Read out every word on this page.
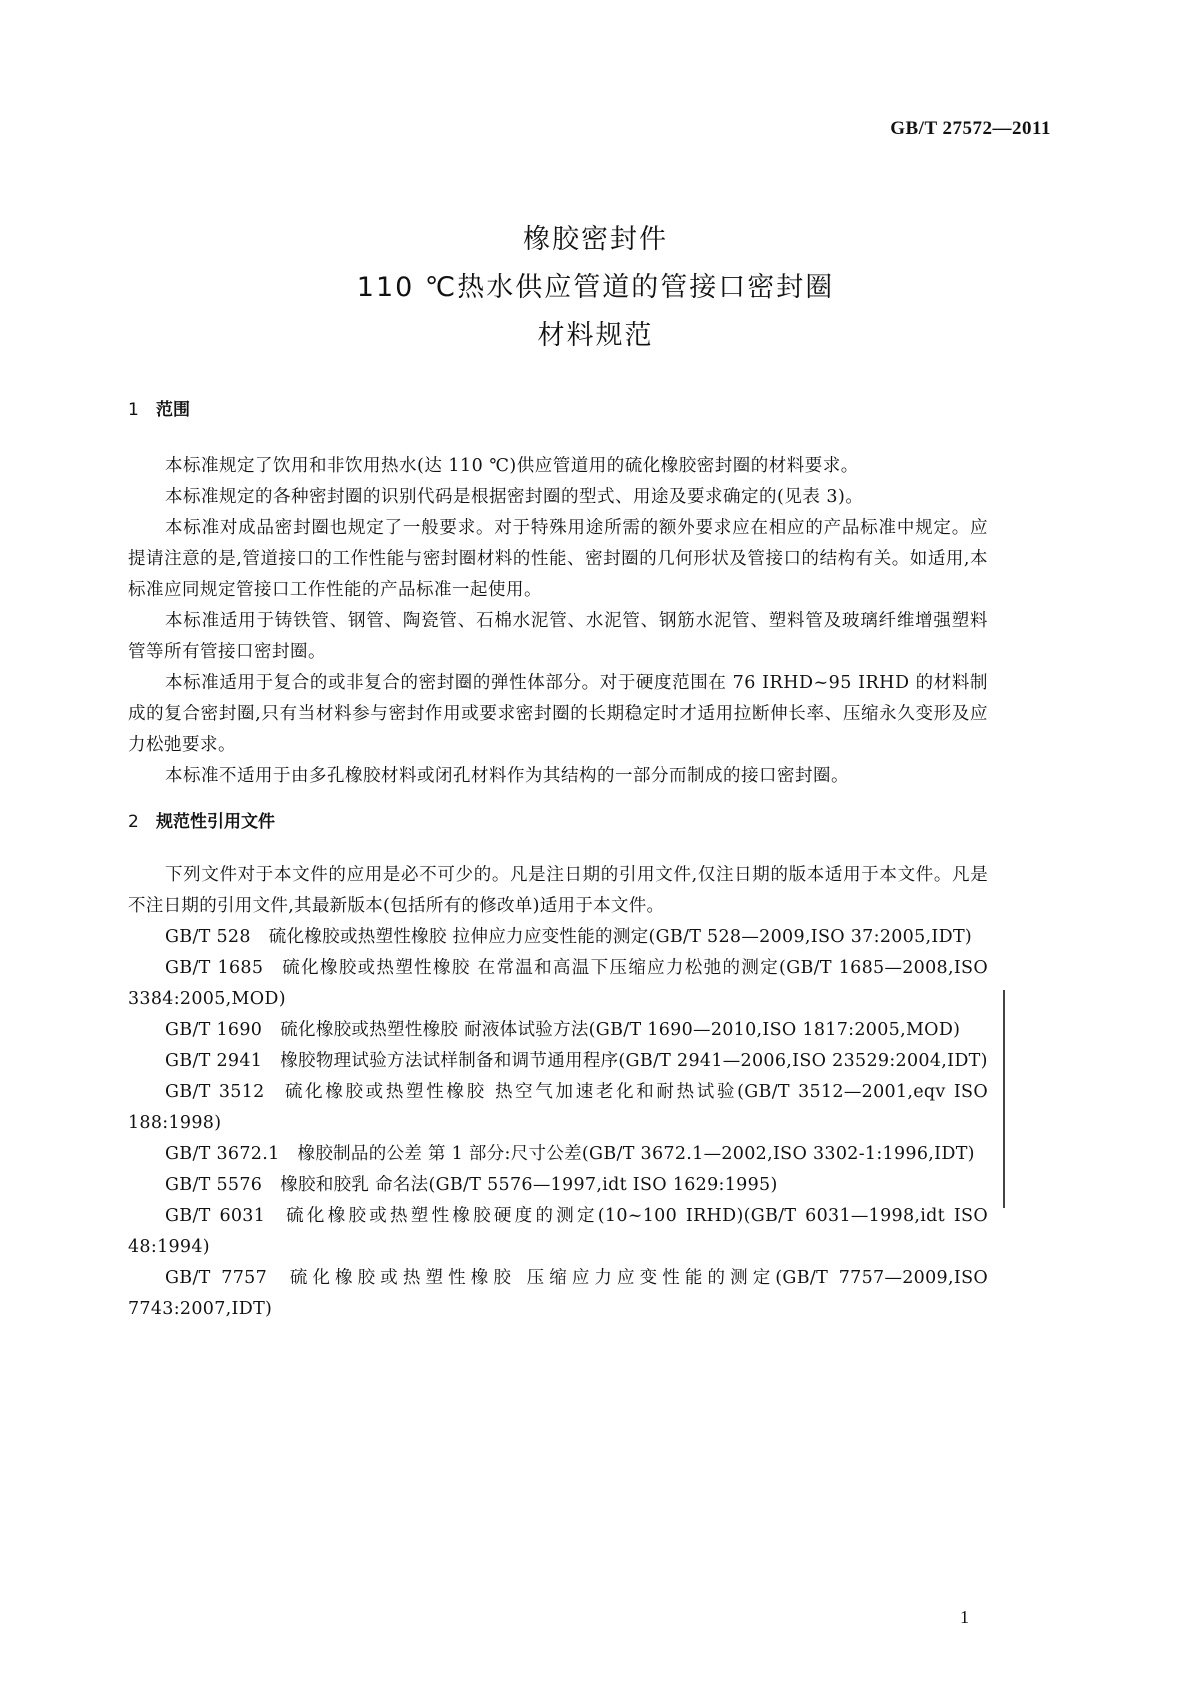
GB/T 27572—2011
橡胶密封件
110 ℃热水供应管道的管接口密封圈
材料规范
1 范围

本标准规定了饮用和非饮用热水(达 110 ℃)供应管道用的硫化橡胶密封圈的材料要求。

本标准规定的各种密封圈的识别代码是根据密封圈的型式、用途及要求确定的(见表 3)。

本标准对成品密封圈也规定了一般要求。对于特殊用途所需的额外要求应在相应的产品标准中规定。应提请注意的是,管道接口的工作性能与密封圈材料的性能、密封圈的几何形状及管接口的结构有关。如适用,本标准应同规定管接口工作性能的产品标准一起使用。

本标准适用于铸铁管、钢管、陶瓷管、石棉水泥管、水泥管、钢筋水泥管、塑料管及玻璃纤维增强塑料管等所有管接口密封圈。

本标准适用于复合的或非复合的密封圈的弹性体部分。对于硬度范围在 76 IRHD~95 IRHD 的材料制成的复合密封圈,只有当材料参与密封作用或要求密封圈的长期稳定时才适用拉断伸长率、压缩永久变形及应力松弛要求。

本标准不适用于由多孔橡胶材料或闭孔材料作为其结构的一部分而制成的接口密封圈。

2 规范性引用文件

下列文件对于本文件的应用是必不可少的。凡是注日期的引用文件,仅注日期的版本适用于本文件。凡是不注日期的引用文件,其最新版本(包括所有的修改单)适用于本文件。

GB/T 528 硫化橡胶或热塑性橡胶 拉伸应力应变性能的测定(GB/T 528—2009,ISO 37:2005,IDT)

GB/T 1685 硫化橡胶或热塑性橡胶 在常温和高温下压缩应力松弛的测定(GB/T 1685—2008,ISO 3384:2005,MOD)

GB/T 1690 硫化橡胶或热塑性橡胶 耐液体试验方法(GB/T 1690—2010,ISO 1817:2005,MOD)

GB/T 2941 橡胶物理试验方法试样制备和调节通用程序(GB/T 2941—2006,ISO 23529:2004,IDT)

GB/T 3512 硫化橡胶或热塑性橡胶 热空气加速老化和耐热试验(GB/T 3512—2001,eqv ISO 188:1998)

GB/T 3672.1 橡胶制品的公差 第 1 部分:尺寸公差(GB/T 3672.1—2002,ISO 3302-1:1996,IDT)

GB/T 5576 橡胶和胶乳 命名法(GB/T 5576—1997,idt ISO 1629:1995)

GB/T 6031 硫化橡胶或热塑性橡胶硬度的测定(10~100 IRHD)(GB/T 6031—1998,idt ISO 48:1994)

GB/T 7757 硫化橡胶或热塑性橡胶 压缩应力应变性能的测定(GB/T 7757—2009,ISO 7743:2007,IDT)

1
